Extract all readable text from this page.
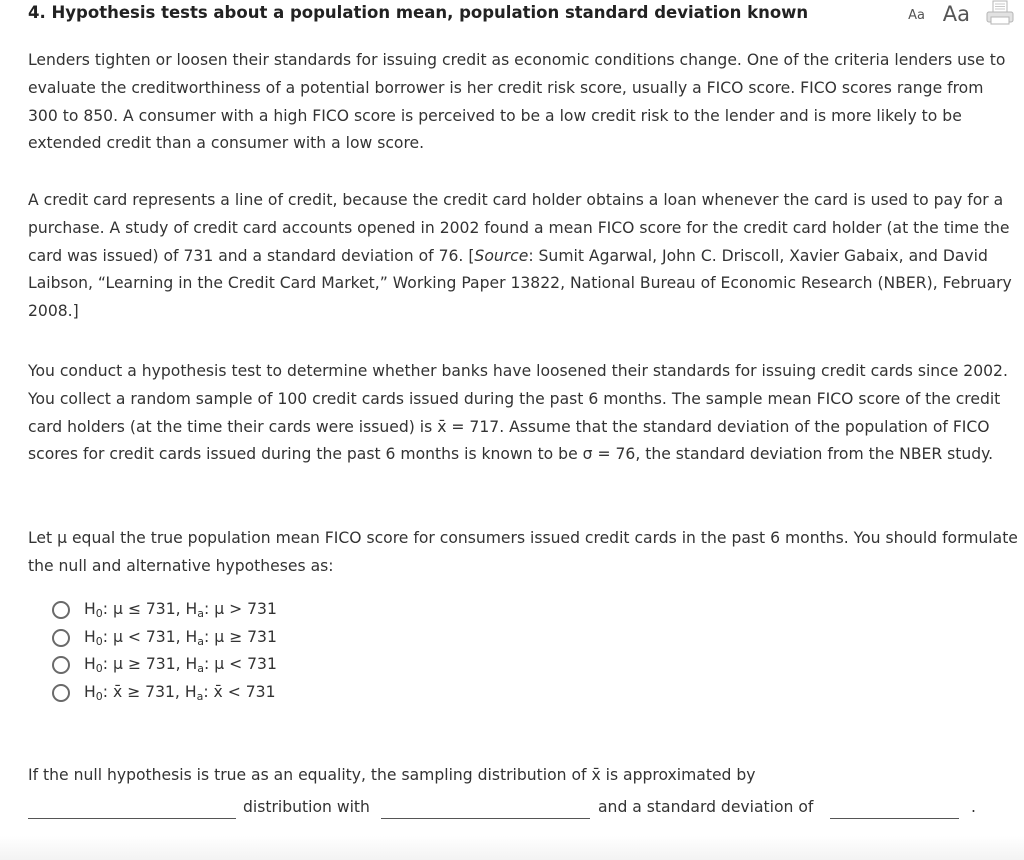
4. Hypothesis tests about a population mean, population standard deviation known	Aa Aa

Lenders tighten or loosen their standards for issuing credit as economic conditions change. One of the criteria lenders use to evaluate the creditworthiness of a potential borrower is her credit risk score, usually a FICO score. FICO scores range from 300 to 850. A consumer with a high FICO score is perceived to be a low credit risk to the lender and is more likely to be extended credit than a consumer with a low score.

A credit card represents a line of credit, because the credit card holder obtains a loan whenever the card is used to pay for a purchase. A study of credit card accounts opened in 2002 found a mean FICO score for the credit card holder (at the time the card was issued) of 731 and a standard deviation of 76. [Source: Sumit Agarwal, John C. Driscoll, Xavier Gabaix, and David Laibson, “Learning in the Credit Card Market,” Working Paper 13822, National Bureau of Economic Research (NBER), February 2008.]

You conduct a hypothesis test to determine whether banks have loosened their standards for issuing credit cards since 2002. You collect a random sample of 100 credit cards issued during the past 6 months. The sample mean FICO score of the credit card holders (at the time their cards were issued) is x̄ = 717. Assume that the standard deviation of the population of FICO scores for credit cards issued during the past 6 months is known to be σ = 76, the standard deviation from the NBER study.

Let μ equal the true population mean FICO score for consumers issued credit cards in the past 6 months. You should formulate the null and alternative hypotheses as:

$H_0$: μ ≤ 731, $H_a$: μ > 731
$H_0$: μ < 731, $H_a$: μ ≥ 731
$H_0$: μ ≥ 731, $H_a$: μ < 731
$H_0$: x̄ ≥ 731, $H_a$: x̄ < 731
If the null hypothesis is true as an equality, the sampling distribution of x̄ is approximated by
distribution with	and a standard deviation of	.
